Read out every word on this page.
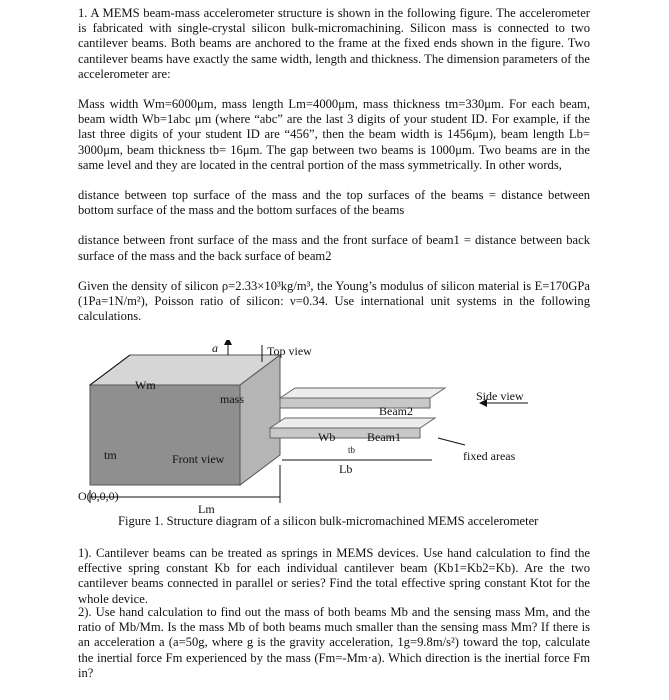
1. A MEMS beam-mass accelerometer structure is shown in the following figure. The accelerometer is fabricated with single-crystal silicon bulk-micromachining. Silicon mass is connected to two cantilever beams. Both beams are anchored to the frame at the fixed ends shown in the figure. Two cantilever beams have exactly the same width, length and thickness. The dimension parameters of the accelerometer are:

Mass width Wm=6000μm, mass length Lm=4000μm, mass thickness tm=330μm. For each beam, beam width Wb=1abc μm (where “abc” are the last 3 digits of your student ID. For example, if the last three digits of your student ID are “456”, then the beam width is 1456μm), beam length Lb= 3000μm, beam thickness tb= 16μm. The gap between two beams is 1000μm. Two beams are in the same level and they are located in the central portion of the mass symmetrically. In other words,

distance between top surface of the mass and the top surfaces of the beams = distance between bottom surface of the mass and the bottom surfaces of the beams

distance between front surface of the mass and the front surface of beam1 = distance between back surface of the mass and the back surface of beam2

Given the density of silicon ρ=2.33×10³kg/m³, the Young’s modulus of silicon material is E=170GPa (1Pa=1N/m²), Poisson ratio of silicon: ν=0.34. Use international unit systems in the following calculations.

a	Top view
Wm
mass	Side view
Beam2
Wb	Beam1
tb
tm	Front view	fixed areas
Lb
O(0,0,0)
Lm
Figure 1. Structure diagram of a silicon bulk-micromachined MEMS accelerometer

1). Cantilever beams can be treated as springs in MEMS devices. Use hand calculation to find the effective spring constant Kb for each individual cantilever beam (Kb1=Kb2=Kb). Are the two cantilever beams connected in parallel or series? Find the total effective spring constant Ktot for the whole device.

2). Use hand calculation to find out the mass of both beams Mb and the sensing mass Mm, and the ratio of Mb/Mm. Is the mass Mb of both beams much smaller than the sensing mass Mm? If there is an acceleration a (a=50g, where g is the gravity acceleration, 1g=9.8m/s²) toward the top, calculate the inertial force Fm experienced by the mass (Fm=-Mm·a). Which direction is the inertial force Fm in?
